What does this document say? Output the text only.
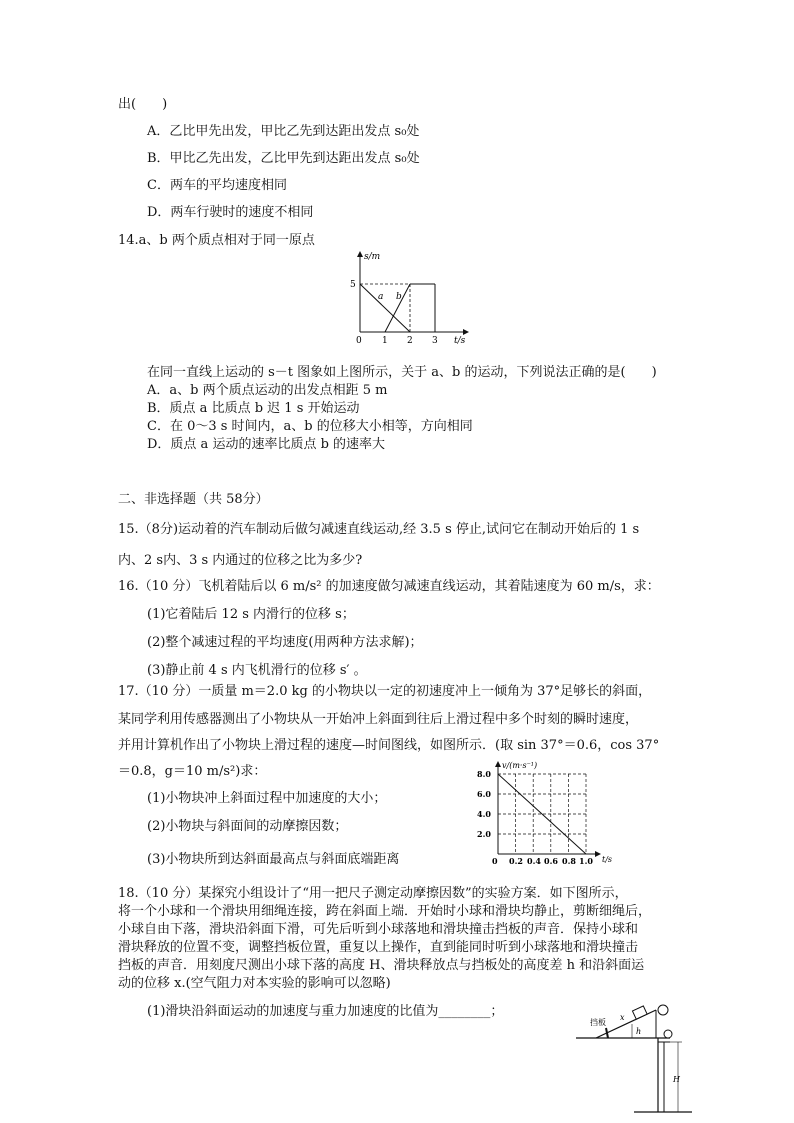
出(　　)
A．乙比甲先出发，甲比乙先到达距出发点 s₀处
B．甲比乙先出发，乙比甲先到达距出发点 s₀处
C．两车的平均速度相同
D．两车行驶时的速度不相同
14.a、b 两个质点相对于同一原点
s/m
5
a b
0 1 2 3 t/s
在同一直线上运动的 s－t 图象如上图所示，关于 a、b 的运动，下列说法正确的是(　　)
A．a、b 两个质点运动的出发点相距 5 m
B．质点 a 比质点 b 迟 1 s 开始运动
C．在 0～3 s 时间内，a、b 的位移大小相等，方向相同
D．质点 a 运动的速率比质点 b 的速率大
二、非选择题（共 58分）
15.（8分)运动着的汽车制动后做匀减速直线运动,经 3.5 s 停止,试问它在制动开始后的 1 s
内、2 s内、3 s 内通过的位移之比为多少?
16.（10 分）飞机着陆后以 6 m/s² 的加速度做匀减速直线运动，其着陆速度为 60 m/s，求：
(1)它着陆后 12 s 内滑行的位移 s；
(2)整个减速过程的平均速度(用两种方法求解)；
(3)静止前 4 s 内飞机滑行的位移 s′ 。
17.（10 分）一质量 m＝2.0 kg 的小物块以一定的初速度冲上一倾角为 37°足够长的斜面，
某同学利用传感器测出了小物块从一开始冲上斜面到往后上滑过程中多个时刻的瞬时速度，
并用计算机作出了小物块上滑过程的速度—时间图线，如图所示．(取 sin 37°＝0.6，cos 37°
＝0.8，g＝10 m/s²)求：
(1)小物块冲上斜面过程中加速度的大小；
(2)小物块与斜面间的动摩擦因数；
(3)小物块所到达斜面最高点与斜面底端距离
v/(m·s⁻¹)
8.0
6.0
4.0
2.0
0 0.2 0.4 0.6 0.8 1.0 t/s
18.（10 分）某探究小组设计了“用一把尺子测定动摩擦因数”的实验方案．如下图所示，
将一个小球和一个滑块用细绳连接，跨在斜面上端．开始时小球和滑块均静止，剪断细绳后，
小球自由下落，滑块沿斜面下滑，可先后听到小球落地和滑块撞击挡板的声音．保持小球和
滑块释放的位置不变，调整挡板位置，重复以上操作，直到能同时听到小球落地和滑块撞击
挡板的声音．用刻度尺测出小球下落的高度 H、滑块释放点与挡板处的高度差 h 和沿斜面运
动的位移 x.(空气阻力对本实验的影响可以忽略)
(1)滑块沿斜面运动的加速度与重力加速度的比值为________；
挡板
x
h
H
